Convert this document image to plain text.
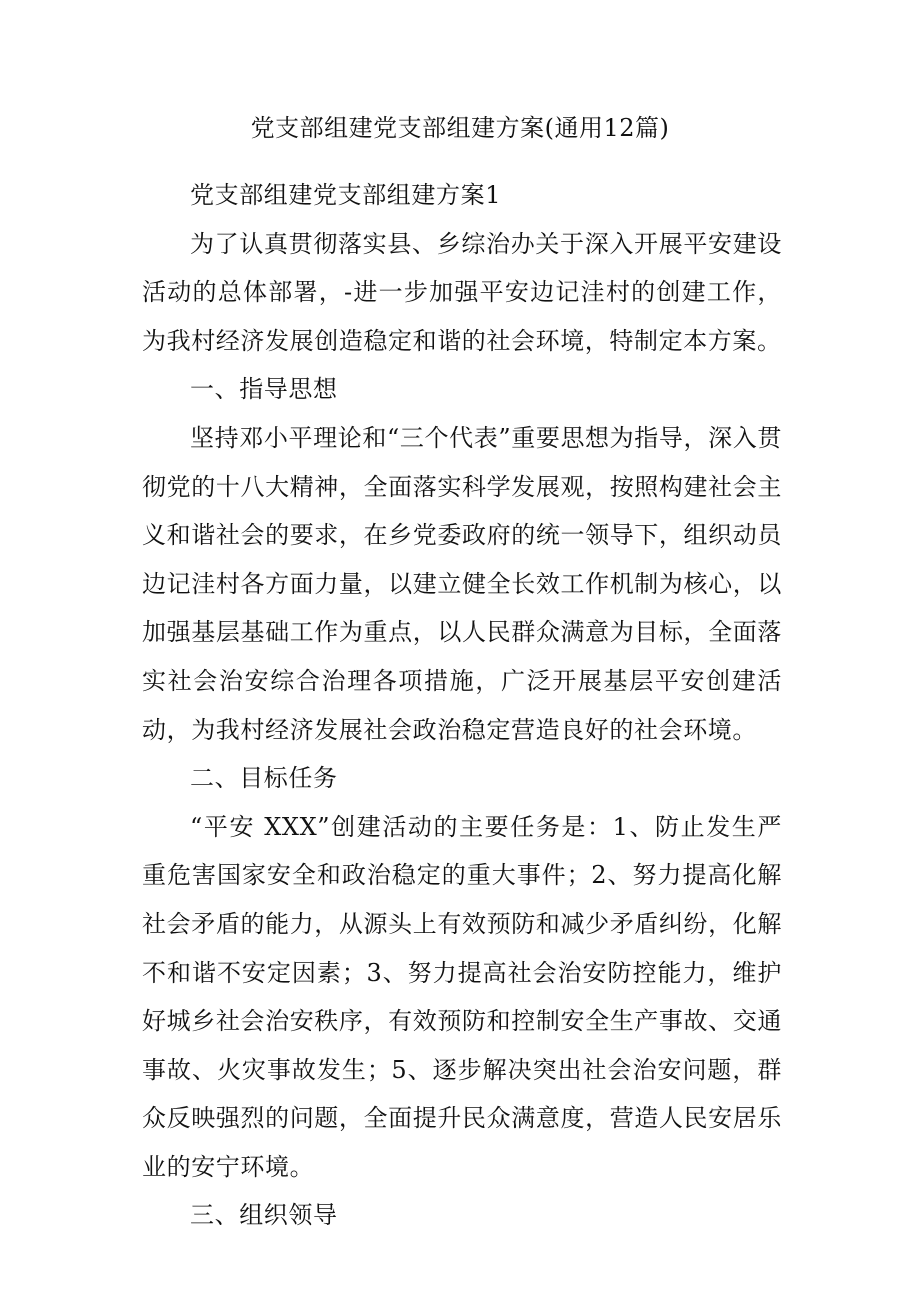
党支部组建党支部组建方案(通用12篇)

党支部组建党支部组建方案1

为了认真贯彻落实县、乡综治办关于深入开展平安建设活动的总体部署，-进一步加强平安边记洼村的创建工作，为我村经济发展创造稳定和谐的社会环境，特制定本方案。

一、指导思想

坚持邓小平理论和“三个代表”重要思想为指导，深入贯彻党的十八大精神，全面落实科学发展观，按照构建社会主义和谐社会的要求，在乡党委政府的统一领导下，组织动员边记洼村各方面力量，以建立健全长效工作机制为核心，以加强基层基础工作为重点，以人民群众满意为目标，全面落实社会治安综合治理各项措施，广泛开展基层平安创建活动，为我村经济发展社会政治稳定营造良好的社会环境。

二、目标任务

“平安 XXX”创建活动的主要任务是：1、防止发生严重危害国家安全和政治稳定的重大事件；2、努力提高化解社会矛盾的能力，从源头上有效预防和减少矛盾纠纷，化解不和谐不安定因素；3、努力提高社会治安防控能力，维护好城乡社会治安秩序，有效预防和控制安全生产事故、交通事故、火灾事故发生；5、逐步解决突出社会治安问题，群众反映强烈的问题，全面提升民众满意度，营造人民安居乐业的安宁环境。

三、组织领导
